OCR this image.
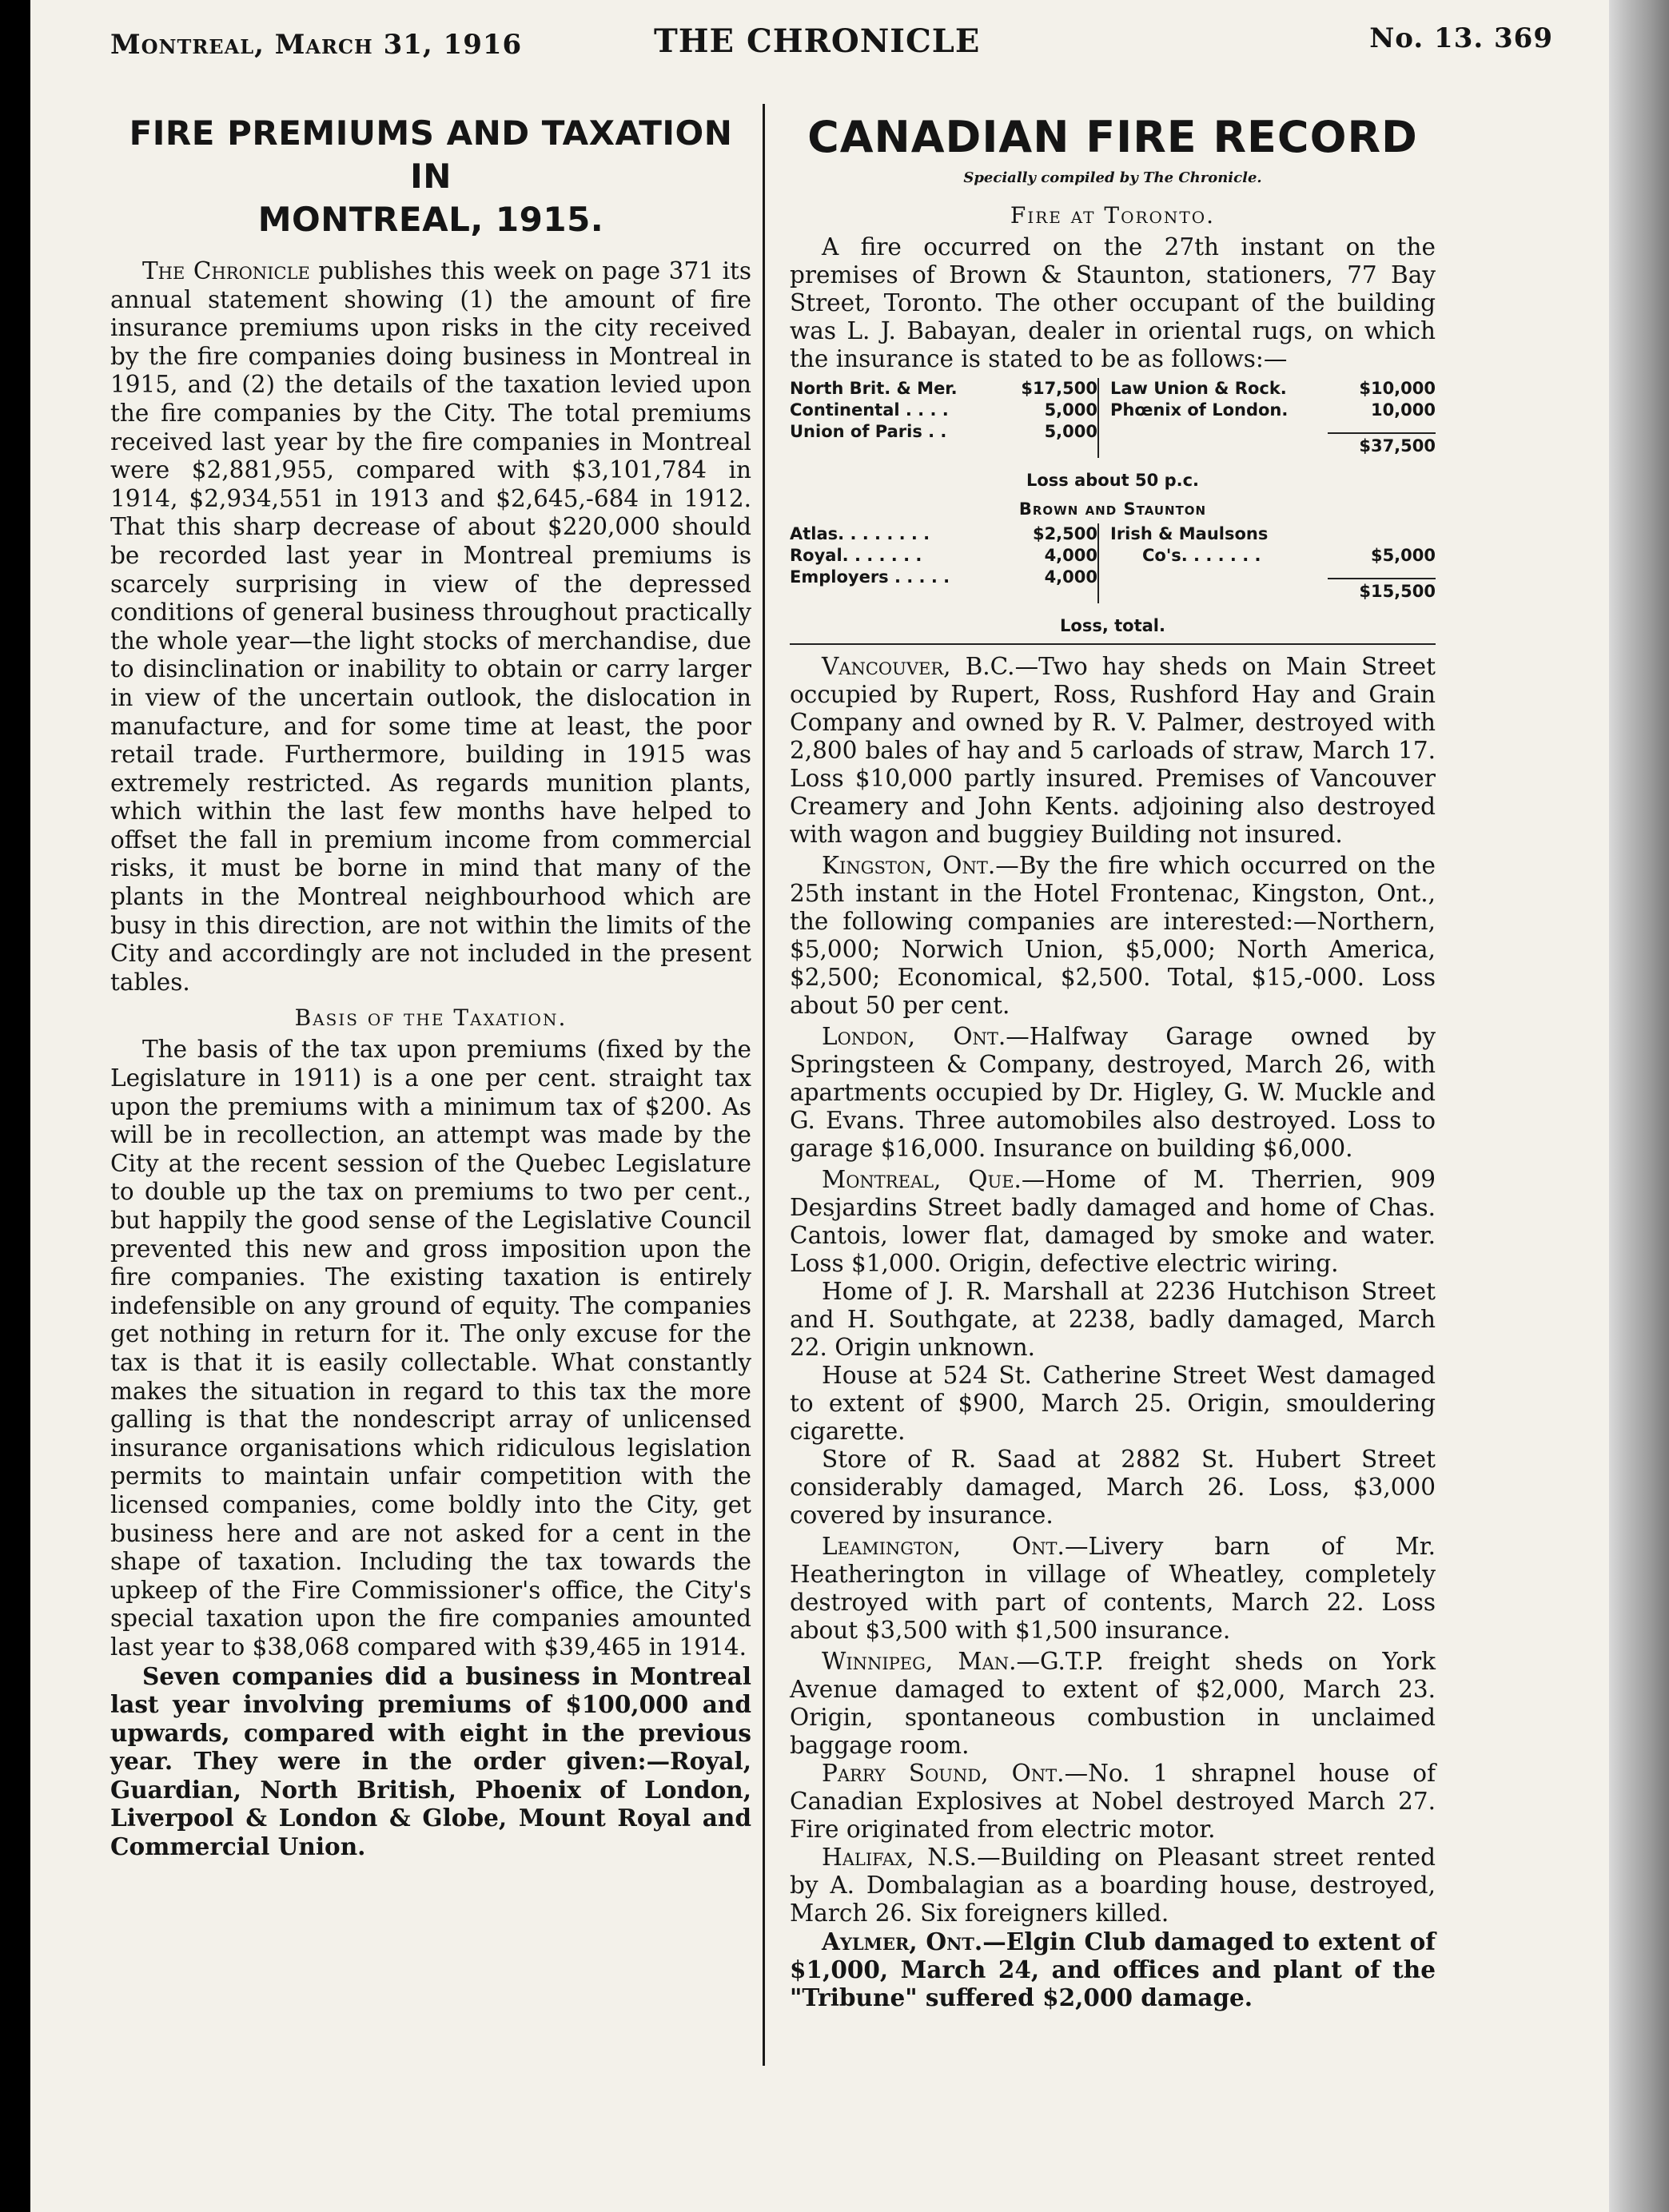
Montreal, March 31, 1916	THE CHRONICLE	No. 13. 369
FIRE PREMIUMS AND TAXATION IN
MONTREAL, 1915.

The Chronicle publishes this week on page 371 its annual statement showing (1) the amount of fire insurance premiums upon risks in the city received by the fire companies doing business in Montreal in 1915, and (2) the details of the taxation levied upon the fire companies by the City. The total premiums received last year by the fire companies in Montreal were $2,881,955, compared with $3,101,784 in 1914, $2,934,551 in 1913 and $2,645,-684 in 1912. That this sharp decrease of about $220,000 should be recorded last year in Montreal premiums is scarcely surprising in view of the depressed conditions of general business throughout practically the whole year—the light stocks of merchandise, due to disinclination or inability to obtain or carry larger in view of the uncertain outlook, the dislocation in manufacture, and for some time at least, the poor retail trade. Furthermore, building in 1915 was extremely restricted. As regards munition plants, which within the last few months have helped to offset the fall in premium income from commercial risks, it must be borne in mind that many of the plants in the Montreal neighbourhood which are busy in this direction, are not within the limits of the City and accordingly are not included in the present tables.

Basis of the Taxation.

The basis of the tax upon premiums (fixed by the Legislature in 1911) is a one per cent. straight tax upon the premiums with a minimum tax of $200. As will be in recollection, an attempt was made by the City at the recent session of the Quebec Legislature to double up the tax on premiums to two per cent., but happily the good sense of the Legislative Council prevented this new and gross imposition upon the fire companies. The existing taxation is entirely indefensible on any ground of equity. The companies get nothing in return for it. The only excuse for the tax is that it is easily collectable. What constantly makes the situation in regard to this tax the more galling is that the nondescript array of unlicensed insurance organisations which ridiculous legislation permits to maintain unfair competition with the licensed companies, come boldly into the City, get business here and are not asked for a cent in the shape of taxation. Including the tax towards the upkeep of the Fire Commissioner's office, the City's special taxation upon the fire companies amounted last year to $38,068 compared with $39,465 in 1914.

Seven companies did a business in Montreal last year involving premiums of $100,000 and upwards, compared with eight in the previous year. They were in the order given:—Royal, Guardian, North British, Phoenix of London, Liverpool & London & Globe, Mount Royal and Commercial Union.

CANADIAN FIRE RECORD
Specially compiled by The Chronicle.
Fire at Toronto.

A fire occurred on the 27th instant on the premises of Brown & Staunton, stationers, 77 Bay Street, Toronto. The other occupant of the building was L. J. Babayan, dealer in oriental rugs, on which the insurance is stated to be as follows:—

North Brit. & Mer.	$17,500
Continental . . . .	5,000
Union of Paris . .	5,000
Law Union & Rock.	$10,000
Phœnix of London.	10,000
$37,500
Loss about 50 p.c.
Brown and Staunton
Atlas. . . . . . . .	$2,500
Royal. . . . . . .	4,000
Employers . . . . .	4,000
Irish & Maulsons
Co's. . . . . . .	$5,000
$15,500
Loss, total.

Vancouver, B.C.—Two hay sheds on Main Street occupied by Rupert, Ross, Rushford Hay and Grain Company and owned by R. V. Palmer, destroyed with 2,800 bales of hay and 5 carloads of straw, March 17. Loss $10,000 partly insured. Premises of Vancouver Creamery and John Kents. adjoining also destroyed with wagon and buggiey Building not insured.

Kingston, Ont.—By the fire which occurred on the 25th instant in the Hotel Frontenac, Kingston, Ont., the following companies are interested:—Northern, $5,000; Norwich Union, $5,000; North America, $2,500; Economical, $2,500. Total, $15,-000. Loss about 50 per cent.

London, Ont.—Halfway Garage owned by Springsteen & Company, destroyed, March 26, with apartments occupied by Dr. Higley, G. W. Muckle and G. Evans. Three automobiles also destroyed. Loss to garage $16,000. Insurance on building $6,000.

Montreal, Que.—Home of M. Therrien, 909 Desjardins Street badly damaged and home of Chas. Cantois, lower flat, damaged by smoke and water. Loss $1,000. Origin, defective electric wiring.

Home of J. R. Marshall at 2236 Hutchison Street and H. Southgate, at 2238, badly damaged, March 22. Origin unknown.

House at 524 St. Catherine Street West damaged to extent of $900, March 25. Origin, smouldering cigarette.

Store of R. Saad at 2882 St. Hubert Street considerably damaged, March 26. Loss, $3,000 covered by insurance.

Leamington, Ont.—Livery barn of Mr. Heatherington in village of Wheatley, completely destroyed with part of contents, March 22. Loss about $3,500 with $1,500 insurance.

Winnipeg, Man.—G.T.P. freight sheds on York Avenue damaged to extent of $2,000, March 23. Origin, spontaneous combustion in unclaimed baggage room.

Parry Sound, Ont.—No. 1 shrapnel house of Canadian Explosives at Nobel destroyed March 27. Fire originated from electric motor.

Halifax, N.S.—Building on Pleasant street rented by A. Dombalagian as a boarding house, destroyed, March 26. Six foreigners killed.

Aylmer, Ont.—Elgin Club damaged to extent of $1,000, March 24, and offices and plant of the "Tribune" suffered $2,000 damage.
